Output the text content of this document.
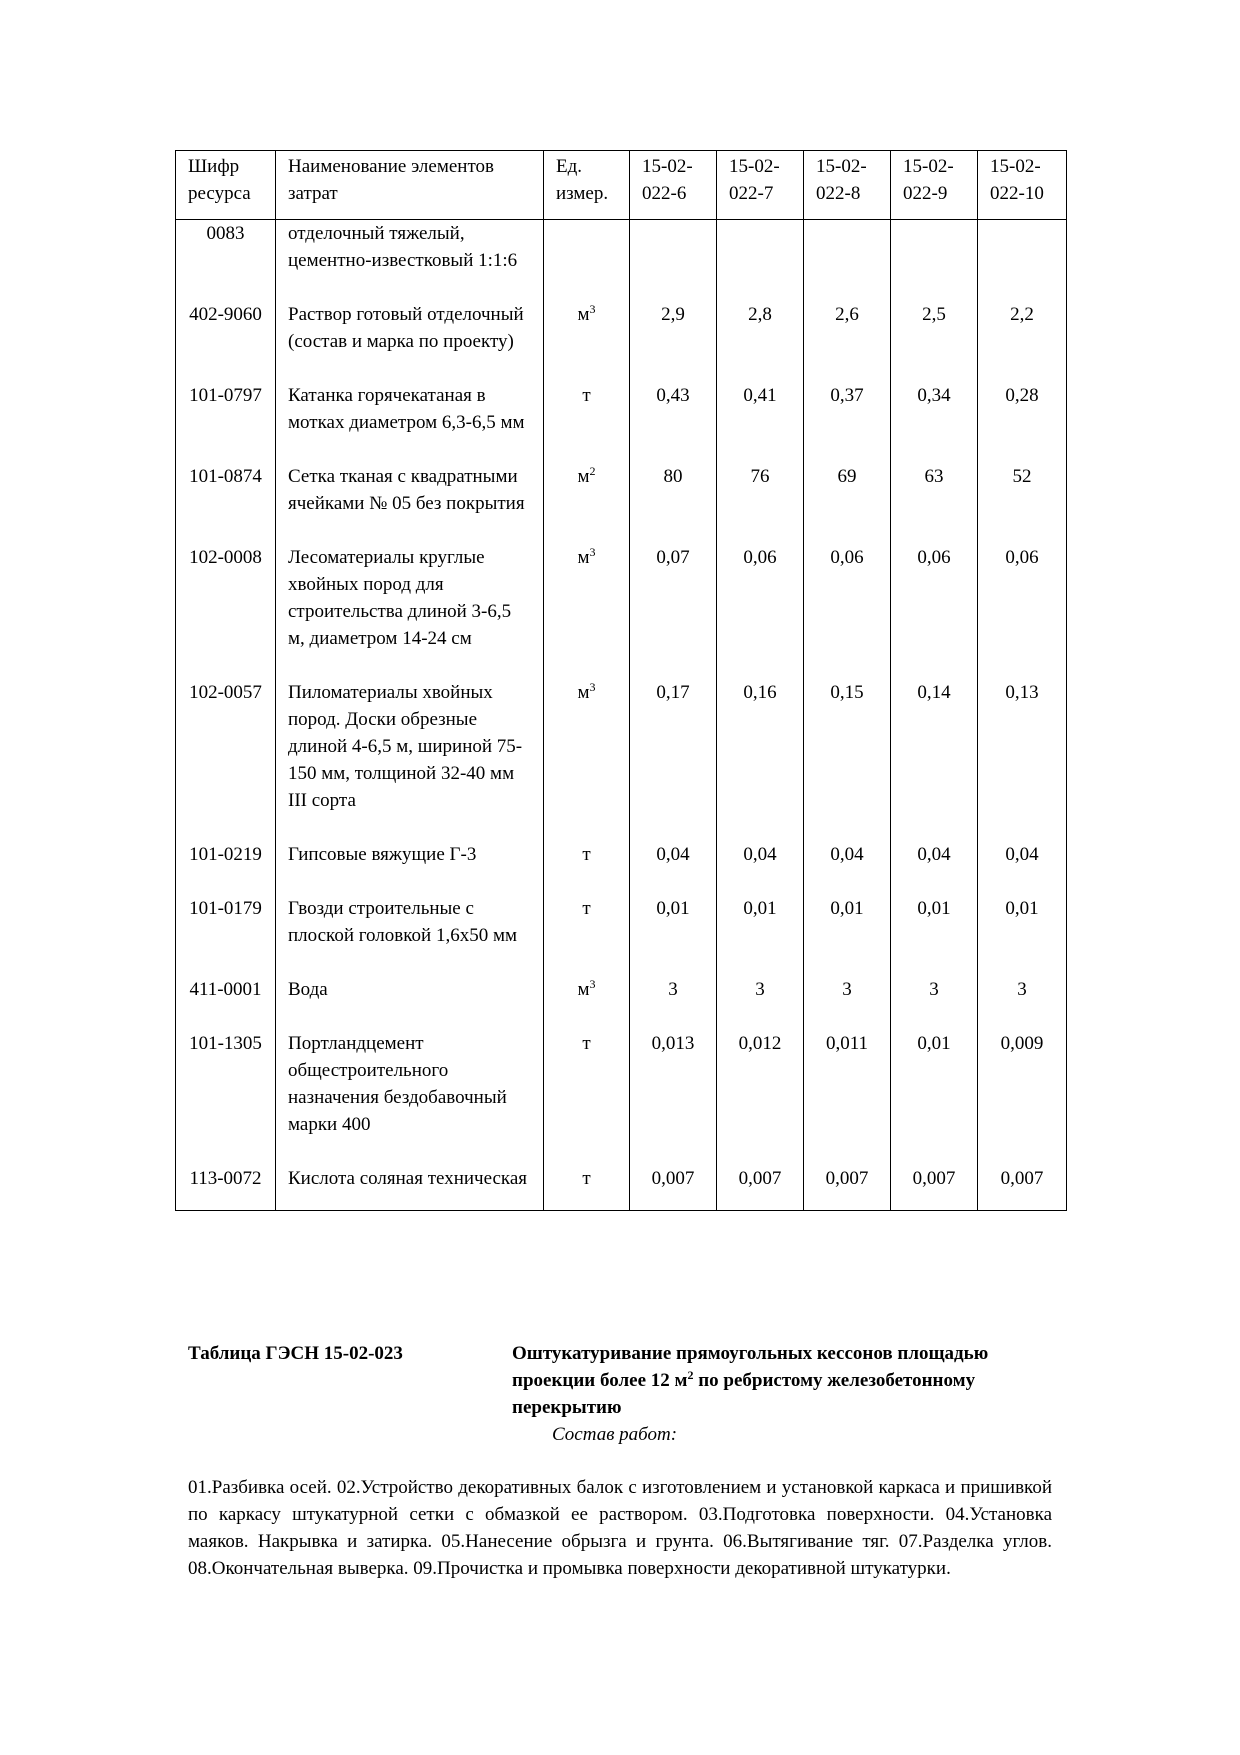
Шифр ресурса	Наименование элементов затрат	Ед. измер.	15-02-022-6	15-02-022-7	15-02-022-8	15-02-022-9	15-02-022-10
0083	отделочный тяжелый, цементно-известковый 1:1:6						
402-9060	Раствор готовый отделочный (состав и марка по проекту)	$м^3$	2,9	2,8	2,6	2,5	2,2
101-0797	Катанка горячекатаная в мотках диаметром 6,3-6,5 мм	т	0,43	0,41	0,37	0,34	0,28
101-0874	Сетка тканая с квадратными ячейками № 05 без покрытия	$м^2$	80	76	69	63	52
102-0008	Лесоматериалы круглые хвойных пород для строительства длиной 3-6,5 м, диаметром 14-24 см	$м^3$	0,07	0,06	0,06	0,06	0,06
102-0057	Пиломатериалы хвойных пород. Доски обрезные длиной 4-6,5 м, шириной 75-150 мм, толщиной 32-40 мм III сорта	$м^3$	0,17	0,16	0,15	0,14	0,13
101-0219	Гипсовые вяжущие Г-3	т	0,04	0,04	0,04	0,04	0,04
101-0179	Гвозди строительные с плоской головкой 1,6х50 мм	т	0,01	0,01	0,01	0,01	0,01
411-0001	Вода	$м^3$	3	3	3	3	3
101-1305	Портландцемент общестроительного назначения бездобавочный марки 400	т	0,013	0,012	0,011	0,01	0,009
113-0072	Кислота соляная техническая	т	0,007	0,007	0,007	0,007	0,007
Таблица ГЭСН 15-02-023	Оштукатуривание прямоугольных кессонов площадью проекции более 12 $м^2$ по ребристому железобетонному перекрытию
Состав работ:
01.Разбивка осей. 02.Устройство декоративных балок с изготовлением и установкой каркаса и пришивкой по каркасу штукатурной сетки с обмазкой ее раствором. 03.Подготовка поверхности. 04.Установка маяков. Накрывка и затирка. 05.Нанесение обрызга и грунта. 06.Вытягивание тяг. 07.Разделка углов. 08.Окончательная выверка. 09.Прочистка и промывка поверхности декоративной штукатурки.
